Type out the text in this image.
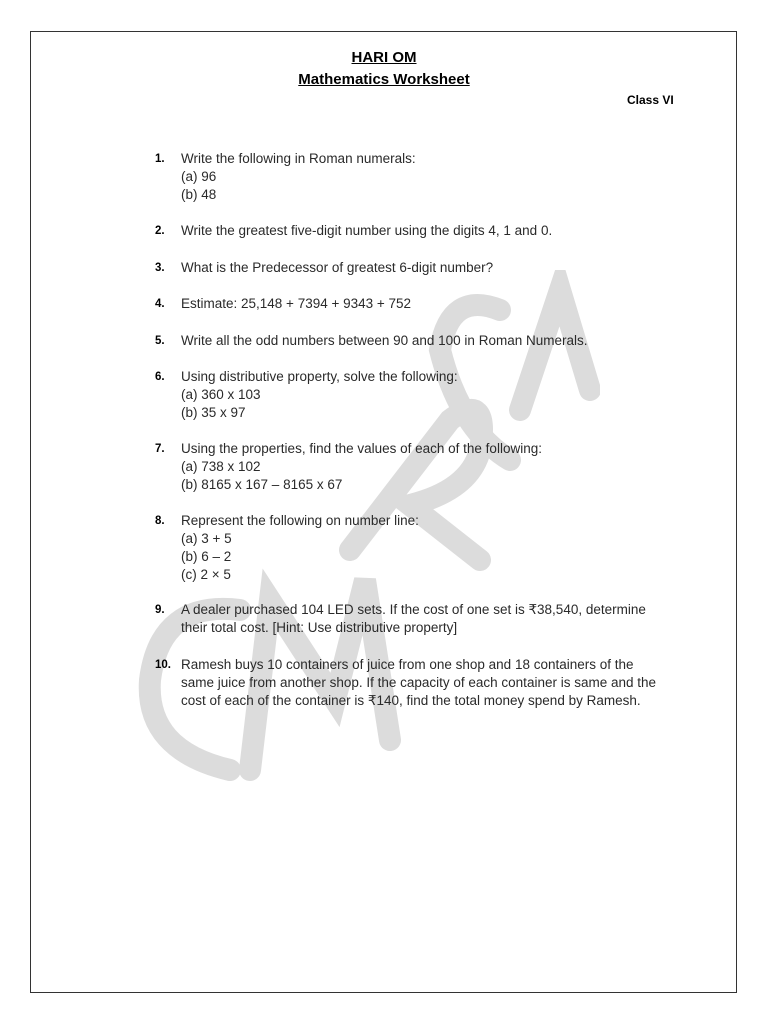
HARI OM
Mathematics Worksheet
Class VI
1.	Write the following in Roman numerals:
(a) 96
(b) 48
2.	Write the greatest five-digit number using the digits 4, 1 and 0.
3.	What is the Predecessor of greatest 6-digit number?
4.	Estimate: 25,148 + 7394 + 9343 + 752
5.	Write all the odd numbers between 90 and 100 in Roman Numerals.
6.	Using distributive property, solve the following:
(a) 360 x 103
(b) 35 x 97
7.	Using the properties, find the values of each of the following:
(a) 738 x 102
(b) 8165 x 167 – 8165 x 67
8.	Represent the following on number line:
(a) 3 + 5
(b) 6 – 2
(c) 2 × 5
9.	A dealer purchased 104 LED sets. If the cost of one set is ₹38,540, determine
their total cost. [Hint: Use distributive property]
10. Ramesh buys 10 containers of juice from one shop and 18 containers of the
same juice from another shop. If the capacity of each container is same and the
cost of each of the container is ₹140, find the total money spend by Ramesh.
